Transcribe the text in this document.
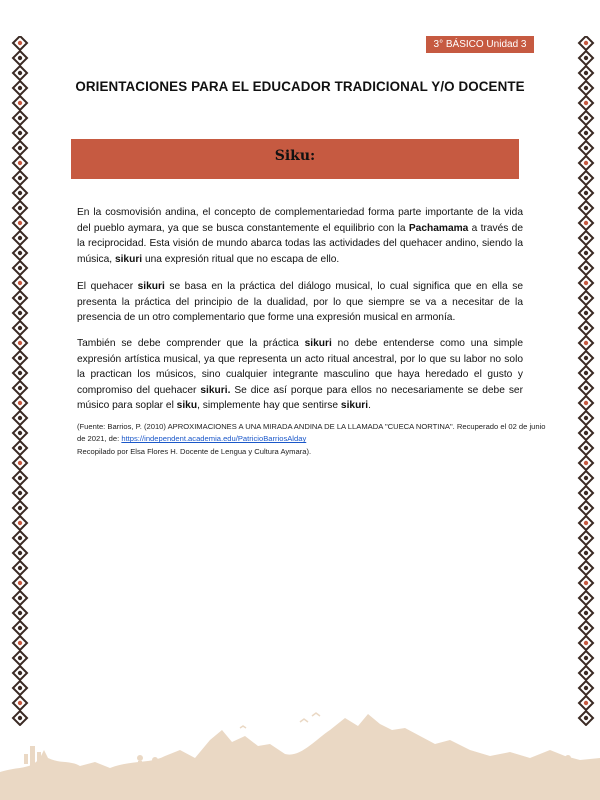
3° BÁSICO Unidad 3
ORIENTACIONES PARA EL EDUCADOR TRADICIONAL Y/O DOCENTE
Siku:

En la cosmovisión andina, el concepto de complementariedad forma parte importante de la vida del pueblo aymara, ya que se busca constantemente el equilibrio con la Pachamama a través de la reciprocidad. Esta visión de mundo abarca todas las actividades del quehacer andino, siendo la música, sikuri una expresión ritual que no escapa de ello.

El quehacer sikuri se basa en la práctica del diálogo musical, lo cual significa que en ella se presenta la práctica del principio de la dualidad, por lo que siempre se va a necesitar de la presencia de un otro complementario que forme una expresión musical en armonía.

También se debe comprender que la práctica sikuri no debe entenderse como una simple expresión artística musical, ya que representa un acto ritual ancestral, por lo que su labor no solo la practican los músicos, sino cualquier integrante masculino que haya heredado el gusto y compromiso del quehacer sikuri. Se dice así porque para ellos no necesariamente se debe ser músico para soplar el siku, simplemente hay que sentirse sikuri.

(Fuente: Barrios, P. (2010) APROXIMACIONES A UNA MIRADA ANDINA DE LA LLAMADA "CUECA NORTINA". Recuperado el 02 de junio de 2021, de: https://independent.academia.edu/PatricioBarriosAlday
Recopilado por Elsa Flores H. Docente de Lengua y Cultura Aymara).
